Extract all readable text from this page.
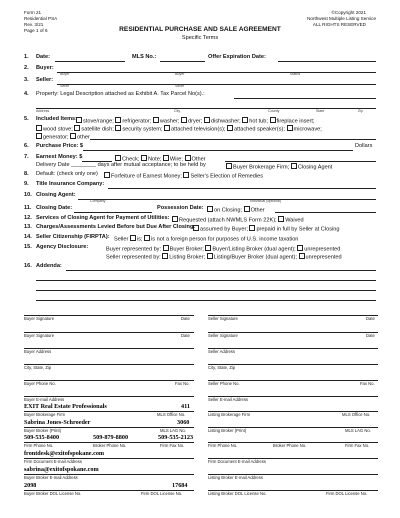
Form 21
Residential PSA
Rev. 3/21
Page 1 of 6	RESIDENTIAL PURCHASE AND SALE AGREEMENT
Specific Terms
©Copyright 2021
Northwest Multiple Listing Service
ALL RIGHTS RESERVED
1. Date:	MLS No.:	Offer Expiration Date:
2. Buyer:
Buyer	Buyer	Status
3. Seller:
Seller	Seller
4. Property: Legal Description attached as Exhibit A. Tax Parcel No(s).:
Address	City	County	State	Zip
5. Included Items:	stove/range; refrigerator; washer; dryer; dishwasher; hot tub; fireplace insert;
wood stove; satellite dish; security system; attached television(s); attached speaker(s); microwave;
generator; other
6. Purchase Price: $	Dollars
7. Earnest Money: $	Check; Note; Wire; Other
Delivery Date ________ days after mutual acceptance; to be held by	Buyer Brokerage Firm; Closing Agent
8. Default: (check only one)	Forfeiture of Earnest Money; Seller's Election of Remedies
9. Title Insurance Company:
10. Closing Agent:
Company	Individual (optional)
11. Closing Date:	Possession Date:	on Closing; Other
12. Services of Closing Agent for Payment of Utilities:	Requested (attach NWMLS Form 22K); Waived
13. Charges/Assessments Levied Before but Due After Closing: assumed by Buyer; prepaid in full by Seller at Closing
14. Seller Citizenship (FIRPTA): Seller is; is not a foreign person for purposes of U.S. income taxation
15. Agency Disclosure:	Buyer represented by: Buyer Broker; Buyer/Listing Broker (dual agent); unrepresented
Seller represented by: Listing Broker; Listing/Buyer Broker (dual agent); unrepresented
16. Addenda:
Buyer Signature	Date
Buyer Signature	Date
Buyer Address
City, State, Zip
Buyer Phone No.	Fax No.
Buyer E-mail Address
EXIT Real Estate Professionals	411
Buyer Brokerage Firm	MLS Office No.
Sabrina Jones-Schroeder	3060
Buyer Broker (Print)	MLS LAG No.
509-535-8400	509-879-8800	509-535-2123
Firm Phone No.	Broker Phone No.	Firm Fax No.
frontdesk@exitofspokane.com
Firm Document E-mail Address
sabrina@exitofspokane.com
Buyer Broker E-mail Address
2098	17684
Buyer Broker DOL License No.	Firm DOL License No.
Seller Signature	Date
Seller Signature	Date
Seller Address
City, State, Zip
Seller Phone No.	Fax No.
Seller E-mail Address
Listing Brokerage Firm	MLS Office No.
Listing Broker (Print)	MLS LAG No.
Firm Phone No.	Broker Phone No.	Firm Fax No.
Firm Document E-mail Address
Listing Broker E-mail Address
Listing Broker DOL License No.	Firm DOL License No.
